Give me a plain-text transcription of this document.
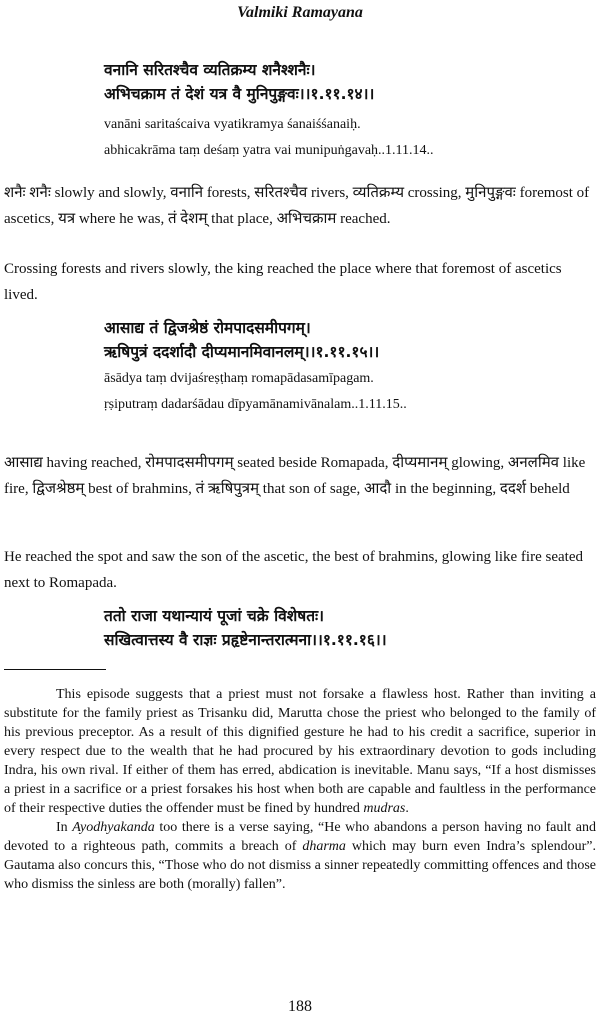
Valmiki Ramayana
वनानि सरितश्चैव व्यतिक्रम्य शनैश्शनैः।
अभिचक्राम तं देशं यत्र वै मुनिपुङ्गवः।।१.११.१४।।
vanāni saritaścaiva vyatikramya śanaiśśanaiḥ.
abhicakrāma taṃ deśaṃ yatra vai munipuṅgavaḥ..1.11.14..
शनैः शनैः slowly and slowly, वनानि forests, सरितश्चैव rivers, व्यतिक्रम्य crossing, मुनिपुङ्गवः foremost of ascetics, यत्र where he was, तं देशम् that place, अभिचक्राम reached.
Crossing forests and rivers slowly, the king reached the place where that foremost of ascetics lived.
आसाद्य तं द्विजश्रेष्ठं रोमपादसमीपगम्।
ऋषिपुत्रं ददर्शादौ दीप्यमानमिवानलम्।।१.११.१५।।
āsādya taṃ dvijaśreṣṭhaṃ romapādasamīpagam.
ṛṣiputraṃ dadarśādau dīpyamānamivānalam..1.11.15..
आसाद्य having reached, रोमपादसमीपगम् seated beside Romapada, दीप्यमानम् glowing, अनलमिव like fire, द्विजश्रेष्ठम् best of brahmins, तं ऋषिपुत्रम् that son of sage, आदौ in the beginning, ददर्श beheld
He reached the spot and saw the son of the ascetic, the best of brahmins, glowing like fire seated next to Romapada.
ततो राजा यथान्यायं पूजां चक्रे विशेषतः।
सखित्वात्तस्य वै राज्ञः प्रहृष्टेनान्तरात्मना।।१.११.१६।।

This episode suggests that a priest must not forsake a flawless host. Rather than inviting a substitute for the family priest as Trisanku did, Marutta chose the priest who belonged to the family of his previous preceptor. As a result of this dignified gesture he had to his credit a sacrifice, superior in every respect due to the wealth that he had procured by his extraordinary devotion to gods including Indra, his own rival. If either of them has erred, abdication is inevitable. Manu says, “If a host dismisses a priest in a sacrifice or a priest forsakes his host when both are capable and faultless in the performance of their respective duties the offender must be fined by hundred mudras.

In Ayodhyakanda too there is a verse saying, “He who abandons a person having no fault and devoted to a righteous path, commits a breach of dharma which may burn even Indra’s splendour”. Gautama also concurs this, “Those who do not dismiss a sinner repeatedly committing offences and those who dismiss the sinless are both (morally) fallen”.

188
